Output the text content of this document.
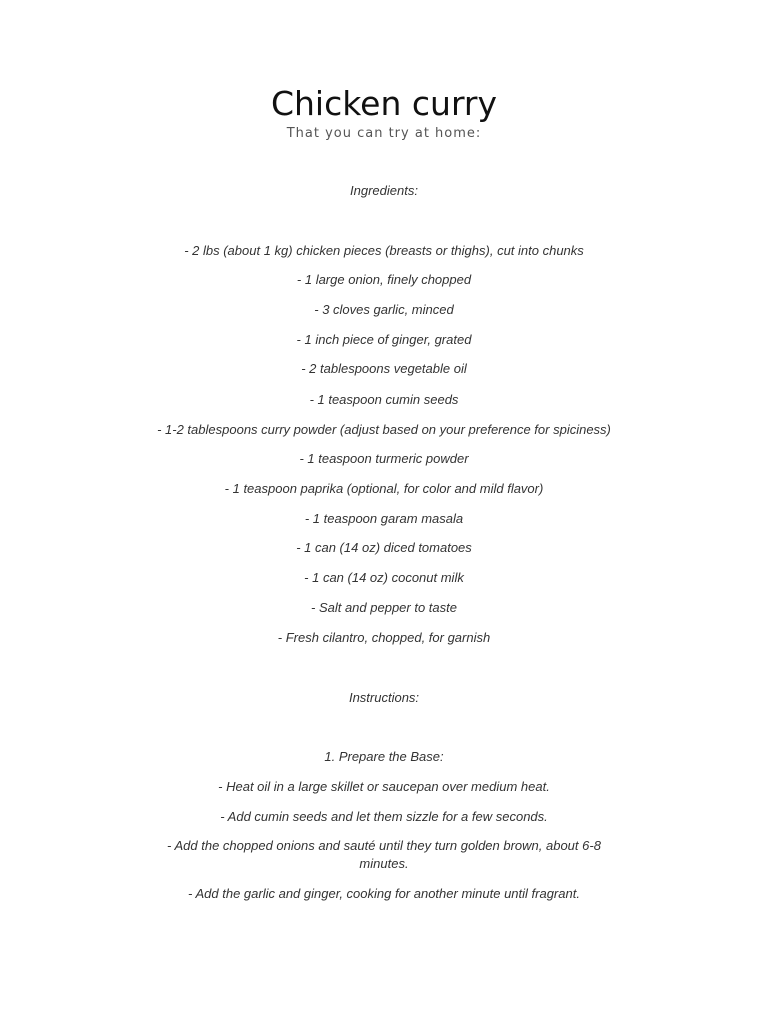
Chicken curry

That you can try at home:

Ingredients:

- 2 lbs (about 1 kg) chicken pieces (breasts or thighs), cut into chunks

- 1 large onion, finely chopped

- 3 cloves garlic, minced

- 1 inch piece of ginger, grated

- 2 tablespoons vegetable oil

- 1 teaspoon cumin seeds

- 1-2 tablespoons curry powder (adjust based on your preference for spiciness)

- 1 teaspoon turmeric powder

- 1 teaspoon paprika (optional, for color and mild flavor)

- 1 teaspoon garam masala

- 1 can (14 oz) diced tomatoes

- 1 can (14 oz) coconut milk

- Salt and pepper to taste

- Fresh cilantro, chopped, for garnish

Instructions:

1. Prepare the Base:

- Heat oil in a large skillet or saucepan over medium heat.

- Add cumin seeds and let them sizzle for a few seconds.

- Add the chopped onions and sauté until they turn golden brown, about 6-8 minutes.

- Add the garlic and ginger, cooking for another minute until fragrant.
